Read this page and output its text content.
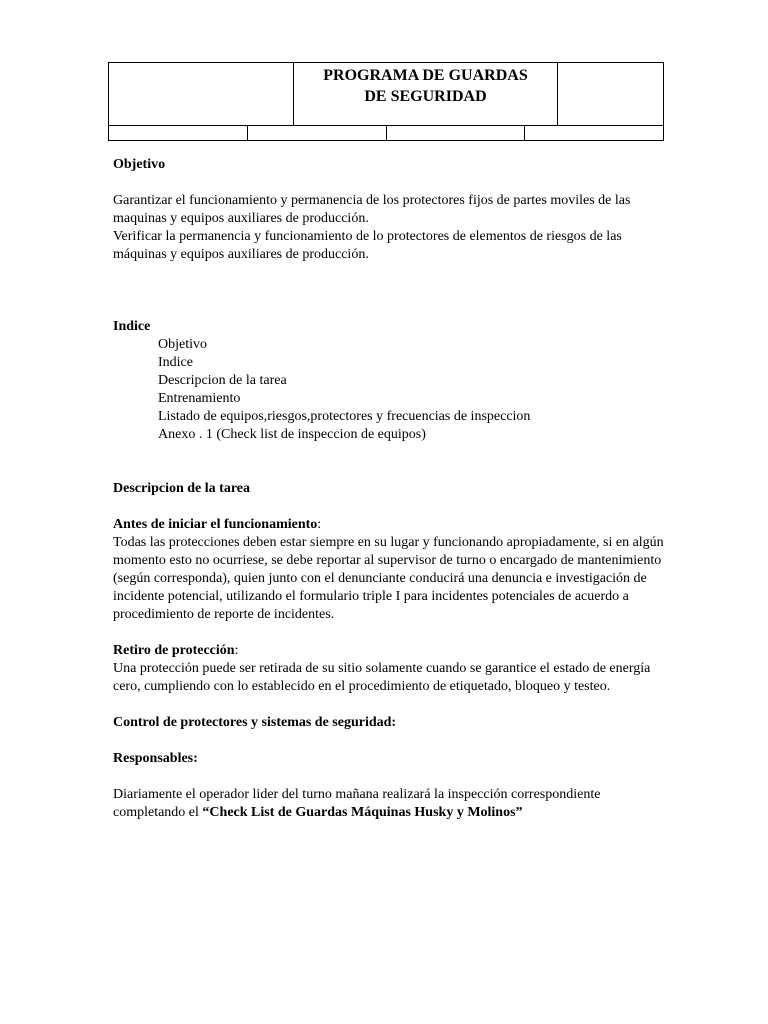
PROGRAMA DE GUARDAS
DE SEGURIDAD

Objetivo

Garantizar el funcionamiento y permanencia de los protectores fijos de partes moviles de las

maquinas y equipos auxiliares de producción.

Verificar la permanencia y funcionamiento de lo protectores de elementos de riesgos de las

máquinas y equipos auxiliares de producción.

Indice

Objetivo

Indice

Descripcion de la tarea

Entrenamiento

Listado de equipos,riesgos,protectores y frecuencias de inspeccion

Anexo . 1 (Check list de inspeccion de equipos)

Descripcion de la tarea

Antes de iniciar el funcionamiento:

Todas las protecciones deben estar siempre en su lugar y funcionando apropiadamente, si en algún

momento esto no ocurriese, se debe reportar al supervisor de turno o encargado de mantenimiento

(según corresponda), quien junto con el denunciante conducirá una denuncia e investigación de

incidente potencial, utilizando el formulario triple I para incidentes potenciales de acuerdo a

procedimiento de reporte de incidentes.

Retiro de protección:

Una protección puede ser retirada de su sitio solamente cuando se garantice el estado de energía

cero, cumpliendo con lo establecido en el procedimiento de etiquetado, bloqueo y testeo.

Control de protectores y sistemas de seguridad:

Responsables:

Diariamente el operador lider del turno mañana realizará la inspección correspondiente

completando el “Check List de Guardas Máquinas Husky y Molinos”
